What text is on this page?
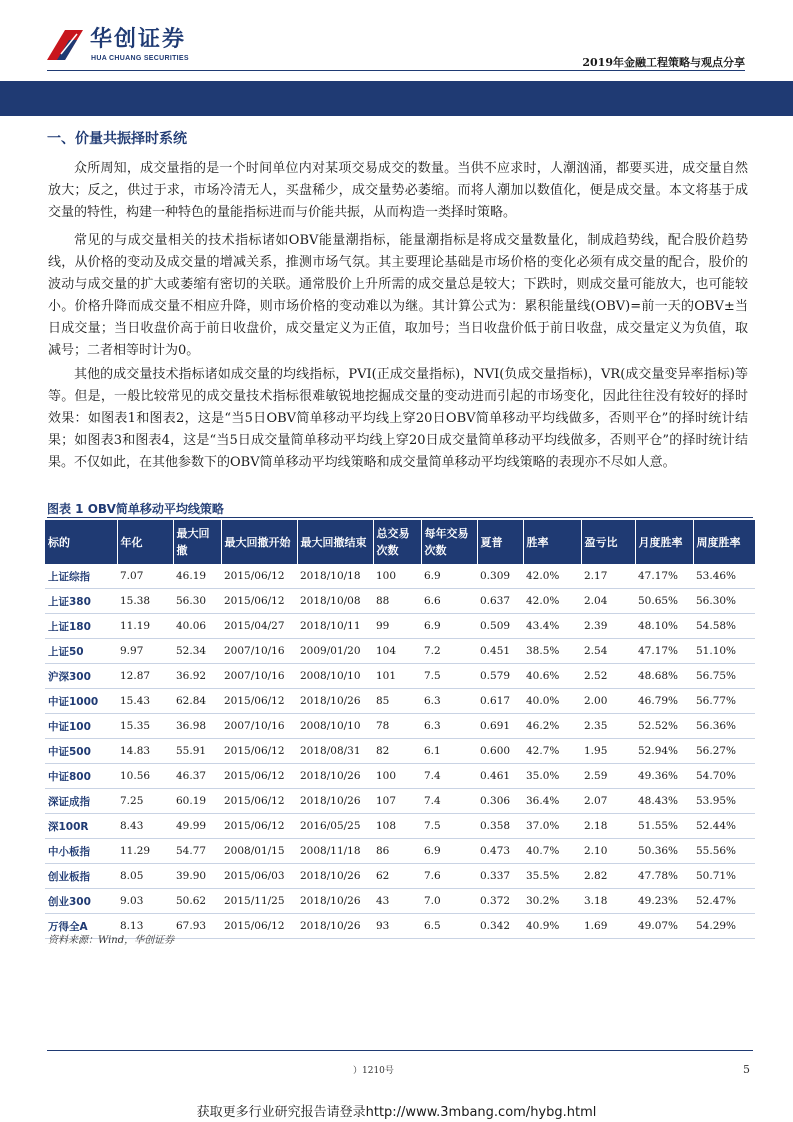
华创证券
HUA CHUANG SECURITIES	2019年金融工程策略与观点分享
一、价量共振择时系统

众所周知，成交量指的是一个时间单位内对某项交易成交的数量。当供不应求时，人潮汹涌，都要买进，成交量自然放大；反之，供过于求，市场冷清无人，买盘稀少，成交量势必萎缩。而将人潮加以数值化，便是成交量。本文将基于成交量的特性，构建一种特色的量能指标进而与价能共振，从而构造一类择时策略。

常见的与成交量相关的技术指标诸如OBV能量潮指标，能量潮指标是将成交量数量化，制成趋势线，配合股价趋势线，从价格的变动及成交量的增减关系，推测市场气氛。其主要理论基础是市场价格的变化必须有成交量的配合，股价的波动与成交量的扩大或萎缩有密切的关联。通常股价上升所需的成交量总是较大；下跌时，则成交量可能放大，也可能较小。价格升降而成交量不相应升降，则市场价格的变动难以为继。其计算公式为：累积能量线(OBV)=前一天的OBV±当日成交量；当日收盘价高于前日收盘价，成交量定义为正值，取加号；当日收盘价低于前日收盘，成交量定义为负值，取减号；二者相等时计为0。

其他的成交量技术指标诸如成交量的均线指标，PVI(正成交量指标)，NVI(负成交量指标)，VR(成交量变异率指标)等等。但是，一般比较常见的成交量技术指标很难敏锐地挖掘成交量的变动进而引起的市场变化，因此往往没有较好的择时效果：如图表1和图表2，这是“当5日OBV简单移动平均线上穿20日OBV简单移动平均线做多，否则平仓”的择时统计结果；如图表3和图表4，这是“当5日成交量简单移动平均线上穿20日成交量简单移动平均线做多，否则平仓”的择时统计结果。不仅如此，在其他参数下的OBV简单移动平均线策略和成交量简单移动平均线策略的表现亦不尽如人意。

图表 1 OBV简单移动平均线策略
标的	年化	最大回撤	最大回撤开始	最大回撤结束	总交易次数	每年交易次数	夏普	胜率	盈亏比	月度胜率	周度胜率
上证综指	7.07	46.19	2015/06/12	2018/10/18	100	6.9	0.309	42.0%	2.17	47.17%	53.46%
上证380	15.38	56.30	2015/06/12	2018/10/08	88	6.6	0.637	42.0%	2.04	50.65%	56.30%
上证180	11.19	40.06	2015/04/27	2018/10/11	99	6.9	0.509	43.4%	2.39	48.10%	54.58%
上证50	9.97	52.34	2007/10/16	2009/01/20	104	7.2	0.451	38.5%	2.54	47.17%	51.10%
沪深300	12.87	36.92	2007/10/16	2008/10/10	101	7.5	0.579	40.6%	2.52	48.68%	56.75%
中证1000	15.43	62.84	2015/06/12	2018/10/26	85	6.3	0.617	40.0%	2.00	46.79%	56.77%
中证100	15.35	36.98	2007/10/16	2008/10/10	78	6.3	0.691	46.2%	2.35	52.52%	56.36%
中证500	14.83	55.91	2015/06/12	2018/08/31	82	6.1	0.600	42.7%	1.95	52.94%	56.27%
中证800	10.56	46.37	2015/06/12	2018/10/26	100	7.4	0.461	35.0%	2.59	49.36%	54.70%
深证成指	7.25	60.19	2015/06/12	2018/10/26	107	7.4	0.306	36.4%	2.07	48.43%	53.95%
深100R	8.43	49.99	2015/06/12	2016/05/25	108	7.5	0.358	37.0%	2.18	51.55%	52.44%
中小板指	11.29	54.77	2008/01/15	2008/11/18	86	6.9	0.473	40.7%	2.10	50.36%	55.56%
创业板指	8.05	39.90	2015/06/03	2018/10/26	62	7.6	0.337	35.5%	2.82	47.78%	50.71%
创业300	9.03	50.62	2015/11/25	2018/10/26	43	7.0	0.372	30.2%	3.18	49.23%	52.47%
万得全A	8.13	67.93	2015/06/12	2018/10/26	93	6.5	0.342	40.9%	1.69	49.07%	54.29%
资料来源：Wind，华创证券
）1210号	5
获取更多行业研究报告请登录http://www.3mbang.com/hybg.html
